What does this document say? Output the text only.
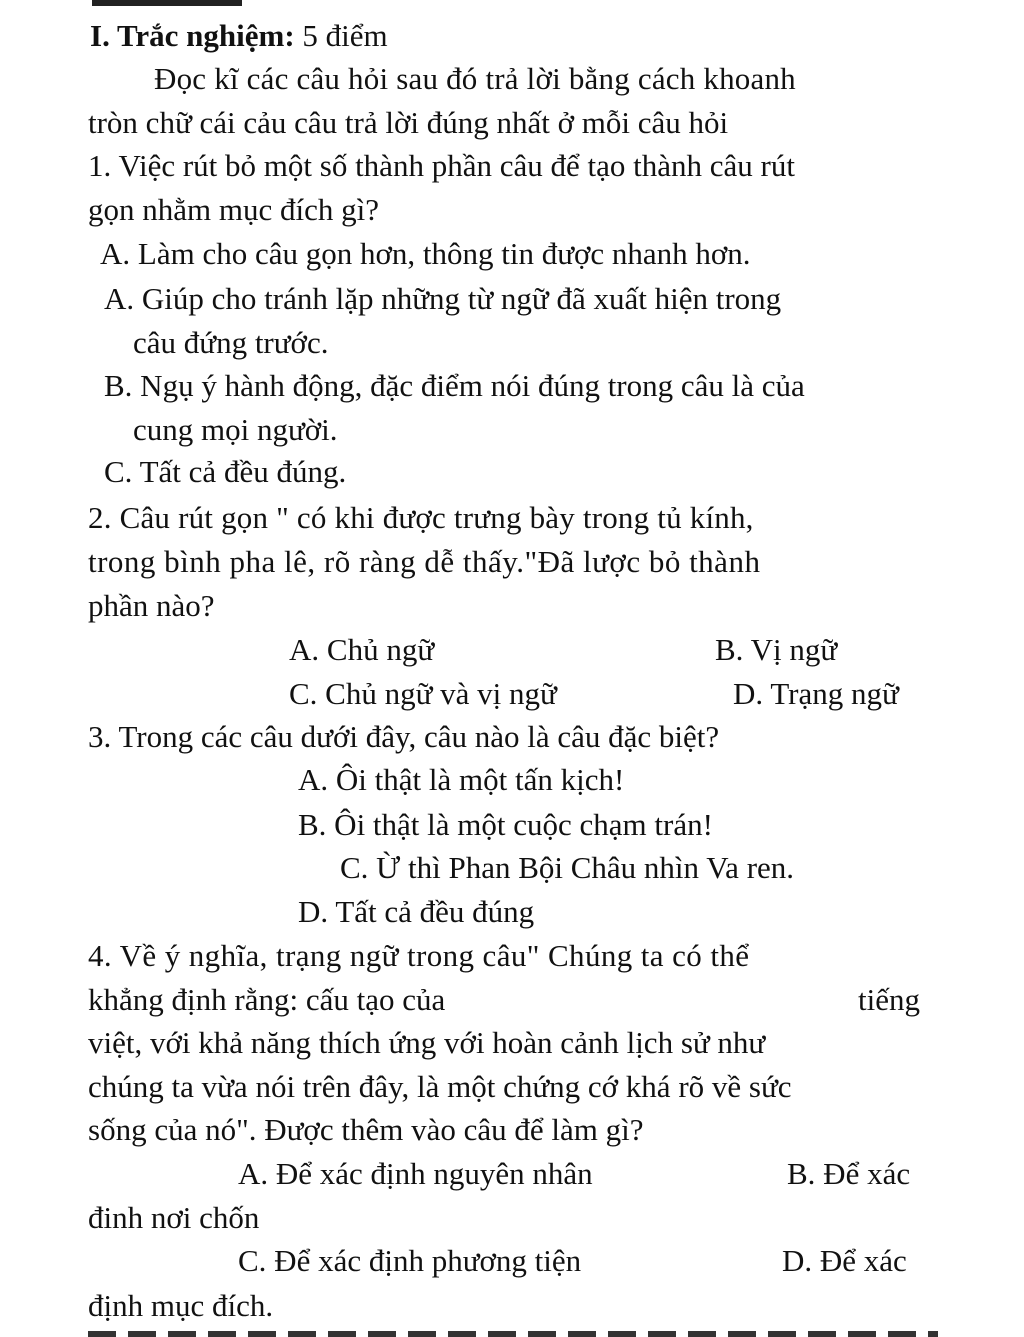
I. Trắc nghiệm: 5 điểm
Đọc kĩ các câu hỏi sau đó trả lời bằng cách khoanh
tròn chữ cái cảu câu trả lời đúng nhất ở mỗi câu hỏi
1. Việc rút bỏ một số thành phần câu để tạo thành câu rút
gọn nhằm mục đích gì?
A. Làm cho câu gọn hơn, thông tin được nhanh hơn.
A. Giúp cho tránh lặp những từ ngữ đã xuất hiện trong
câu đứng trước.
B. Ngụ ý hành động, đặc điểm nói đúng trong câu là của
cung mọi người.
C. Tất cả đều đúng.
2. Câu rút gọn " có khi được trưng bày trong tủ kính,
trong bình pha lê, rõ ràng dễ thấy."Đã lược bỏ thành
phần nào?
A. Chủ ngữ	B. Vị ngữ
C. Chủ ngữ và vị ngữ	D. Trạng ngữ
3. Trong các câu dưới đây, câu nào là câu đặc biệt?
A. Ôi thật là một tấn kịch!
B. Ôi thật là một cuộc chạm trán!
C. Ừ thì Phan Bội Châu nhìn Va ren.
D. Tất cả đều đúng
4. Về ý nghĩa, trạng ngữ trong câu" Chúng ta có thể
khẳng định rằng: cấu tạo của	tiếng
việt, với khả năng thích ứng với hoàn cảnh lịch sử như
chúng ta vừa nói trên đây, là một chứng cớ khá rõ về sức
sống của nó". Được thêm vào câu để làm gì?
A. Để xác định nguyên nhân	B. Để xác
đinh nơi chốn
C. Để xác định phương tiện	D. Để xác
định mục đích.
